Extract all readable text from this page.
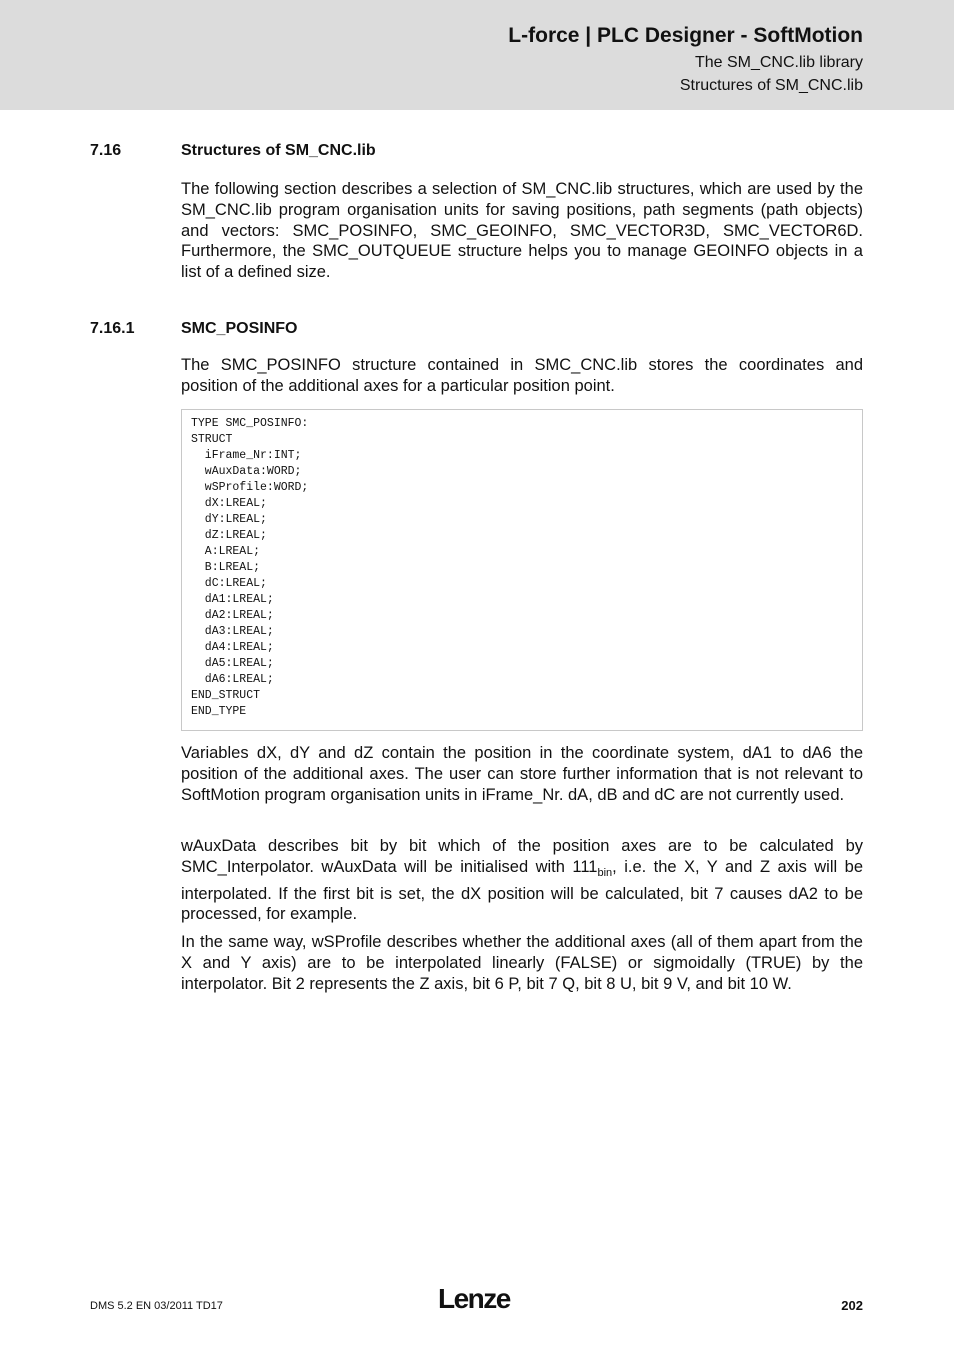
L-force | PLC Designer - SoftMotion
The SM_CNC.lib library
Structures of SM_CNC.lib
7.16	Structures of SM_CNC.lib

The following section describes a selection of SM_CNC.lib structures, which are used by the SM_CNC.lib program organisation units for saving positions, path segments (path objects) and vectors: SMC_POSINFO, SMC_GEOINFO, SMC_VECTOR3D, SMC_VECTOR6D. Furthermore, the SMC_OUTQUEUE structure helps you to manage GEOINFO objects in a list of a defined size.

7.16.1	SMC_POSINFO

The SMC_POSINFO structure contained in SMC_CNC.lib stores the coordinates and position of the additional axes for a particular position point.

TYPE SMC_POSINFO:
STRUCT
iFrame_Nr:INT;
wAuxData:WORD;
wSProfile:WORD;
dX:LREAL;
dY:LREAL;
dZ:LREAL;
A:LREAL;
B:LREAL;
dC:LREAL;
dA1:LREAL;
dA2:LREAL;
dA3:LREAL;
dA4:LREAL;
dA5:LREAL;
dA6:LREAL;
END_STRUCT
END_TYPE

Variables dX, dY and dZ contain the position in the coordinate system, dA1 to dA6 the position of the additional axes. The user can store further information that is not relevant to SoftMotion program organisation units in iFrame_Nr. dA, dB and dC are not currently used.

wAuxData describes bit by bit which of the position axes are to be calculated by SMC_Interpolator. wAuxData will be initialised with $111_{bin}$, i.e. the X, Y and Z axis will be interpolated. If the first bit is set, the dX position will be calculated, bit 7 causes dA2 to be processed, for example.

In the same way, wSProfile describes whether the additional axes (all of them apart from the X and Y axis) are to be interpolated linearly (FALSE) or sigmoidally (TRUE) by the interpolator. Bit 2 represents the Z axis, bit 6 P, bit 7 Q, bit 8 U, bit 9 V, and bit 10 W.

DMS 5.2 EN 03/2011 TD17	Lenze	202
